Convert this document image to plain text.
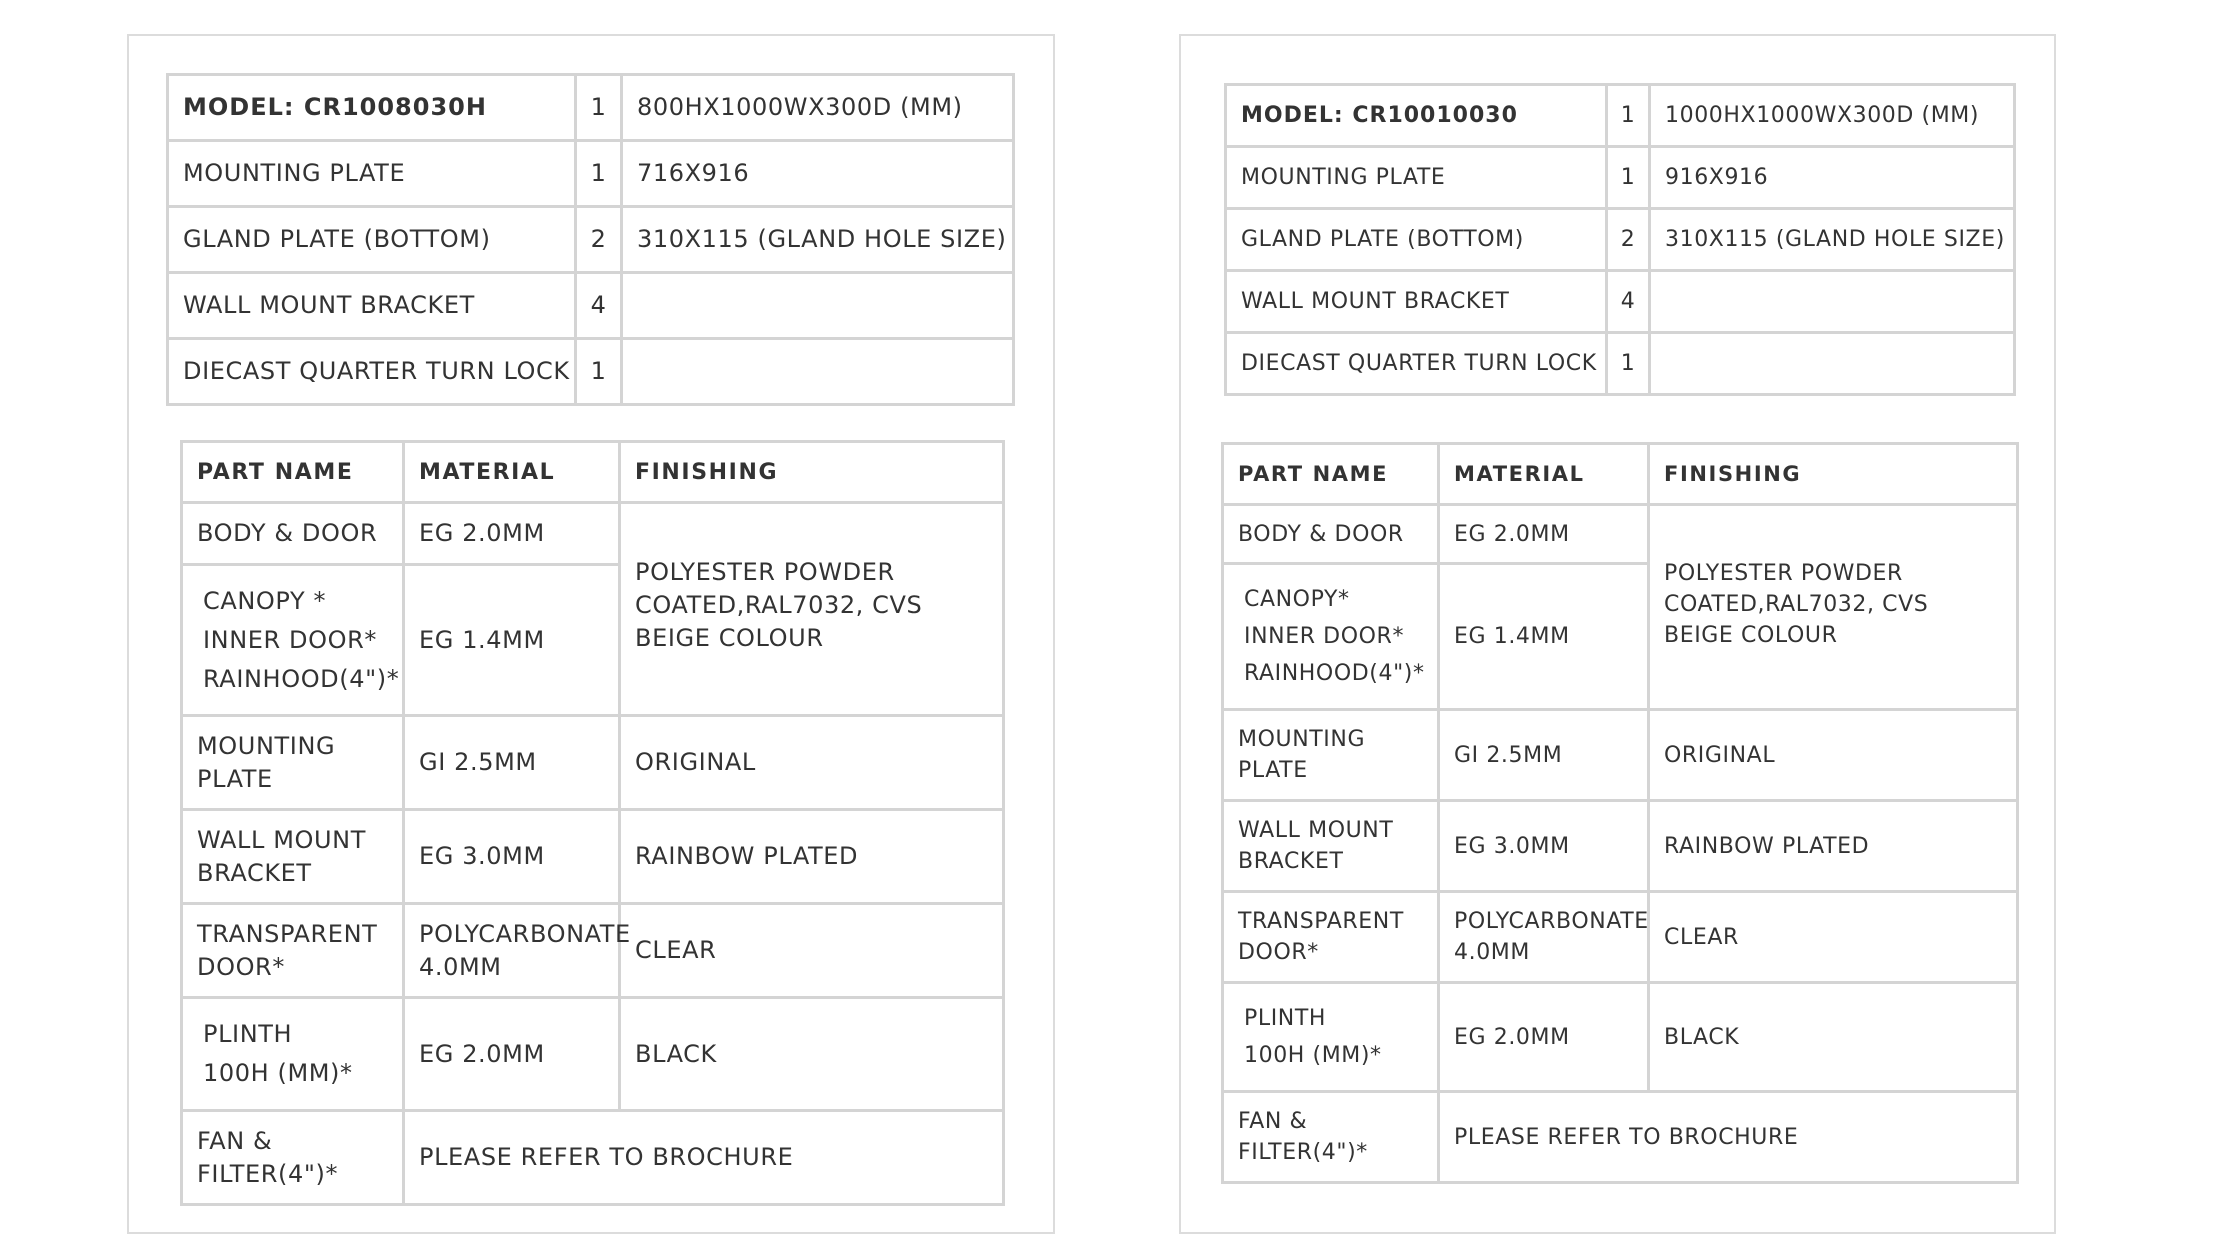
MODEL: CR1008030H	1	800HX1000WX300D (MM)
MOUNTING PLATE	1	716X916
GLAND PLATE (BOTTOM)	2	310X115 (GLAND HOLE SIZE)
WALL MOUNT BRACKET	4	
DIECAST QUARTER TURN LOCK	1	
PART NAME	MATERIAL	FINISHING
BODY & DOOR	EG 2.0MM	POLYESTER POWDER COATED,RAL7032, CVS BEIGE COLOUR

CANOPY *
INNER DOOR*
RAINHOOD(4")*	EG 1.4MM	
MOUNTING PLATE	GI 2.5MM	ORIGINAL
WALL MOUNT BRACKET	EG 3.0MM	RAINBOW PLATED
TRANSPARENT DOOR*	POLYCARBONATE 4.0MM	CLEAR

PLINTH
100H (MM)*	EG 2.0MM	BLACK
FAN & FILTER(4")*	PLEASE REFER TO BROCHURE	
MODEL: CR10010030	1	1000HX1000WX300D (MM)
MOUNTING PLATE	1	916X916
GLAND PLATE (BOTTOM)	2	310X115 (GLAND HOLE SIZE)
WALL MOUNT BRACKET	4	
DIECAST QUARTER TURN LOCK	1	
PART NAME	MATERIAL	FINISHING
BODY & DOOR	EG 2.0MM	POLYESTER POWDER COATED,RAL7032, CVS BEIGE COLOUR

CANOPY*
INNER DOOR*
RAINHOOD(4")*	EG 1.4MM	
MOUNTING PLATE	GI 2.5MM	ORIGINAL
WALL MOUNT BRACKET	EG 3.0MM	RAINBOW PLATED
TRANSPARENT DOOR*	POLYCARBONATE 4.0MM	CLEAR

PLINTH
100H (MM)*	EG 2.0MM	BLACK
FAN & FILTER(4")*	PLEASE REFER TO BROCHURE	
